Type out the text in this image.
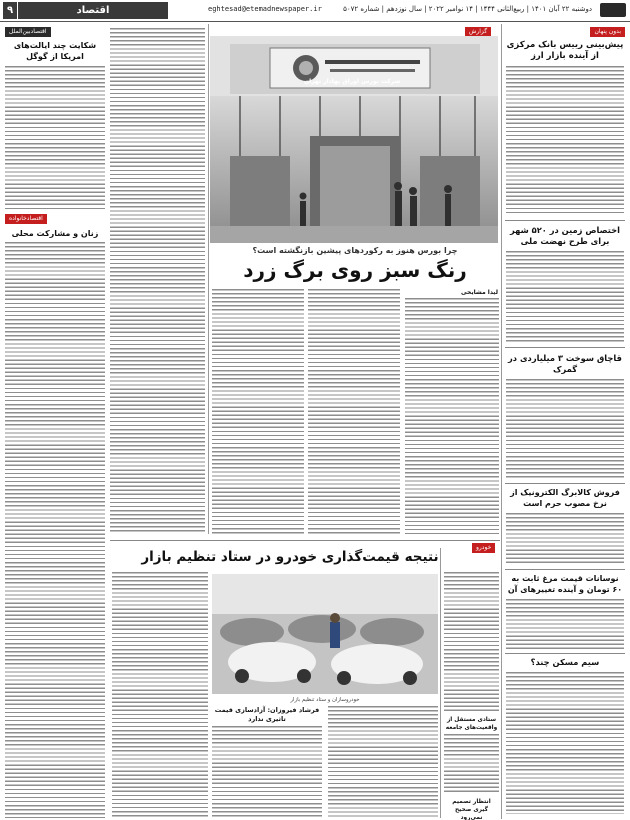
دوشنبه ۲۲ آبان ۱۴۰۱ | ربیع‌الثانی ۱۴۴۴ | ۱۴ نوامبر ۲۰۲۲ | سال نوزدهم | شماره ۵۰۷۲
eghtesad@etemadnewspaper.ir
اقتصاد
۹
بدون پنهان
پیش‌بینی رییس بانک مرکزی از آینده بازار ارز
اختصاص زمین در ۵۲۰ شهر برای طرح نهضت ملی
قاچاق سوخت ۳ میلیاردی در گمرک
فروش کالابرگ الکترونیک از نرخ مصوب حرم است
نوسانات قیمت مرغ ثابت به ۶۰ تومان و آینده تغییرهای آن
سیم مسکن چند؟
گزارش
شرکت بورس اوراق بهادار تهران
چرا بورس هنوز به رکوردهای پیشین بازنگشته است؟
رنگ سبز روی برگ زرد
لیدا مشایخی
اقتصادبین‌الملل
شکایت چند ایالت‌های امریکا از گوگل
اقتصاد‌خانواده
زنان و مشارکت محلی
خودرو
نتیجه قیمت‌گذاری خودرو در ستاد تنظیم بازار
خودروسازان و ستاد تنظیم بازار
فرشاد فیروزان: آزادسازی قیمت تاثیری ندارد	ستادی مستقل از واقعیت‌های جامعه
انتظار تصمیم گیری صحیح نمی‌رود
